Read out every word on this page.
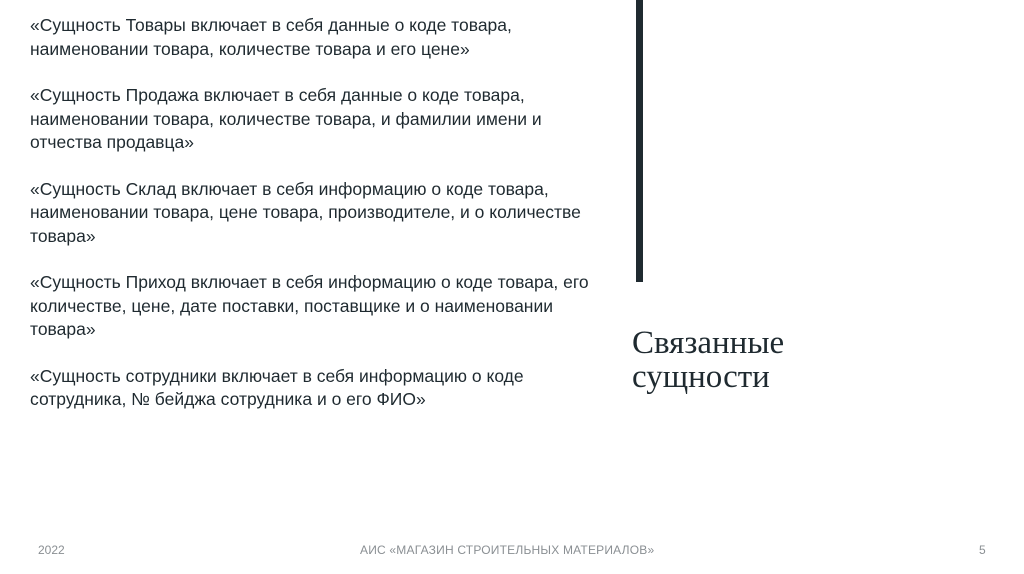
«Сущность Товары включает в себя данные о коде товара, наименовании товара, количестве товара и его цене»

«Сущность Продажа включает в себя данные о коде товара, наименовании товара, количестве товара, и фамилии имени и отчества продавца»

«Сущность Склад включает в себя информацию о коде товара, наименовании товара, цене товара, производителе, и о количестве товара»

«Сущность Приход включает в себя информацию о коде товара, его количестве, цене, дате поставки, поставщике и о наименовании товара»

«Сущность сотрудники включает в себя информацию о коде сотрудника, № бейджа сотрудника и о его ФИО»

Связанные
сущности
2022	АИС «МАГАЗИН СТРОИТЕЛЬНЫХ МАТЕРИАЛОВ»	5
